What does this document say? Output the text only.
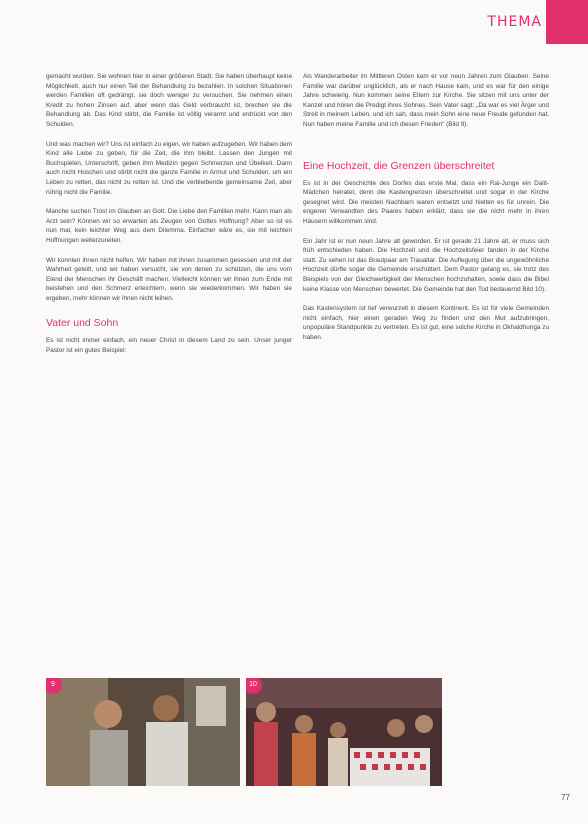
THEMA

gemacht wurden. Sie wohnen hier in einer größeren Stadt. Sie haben überhaupt keine Möglichkeit, auch nur einen Teil der Behandlung zu bezahlen. In solchen Situationen werden Familien oft gedrängt, sie doch weniger zu versuchen. Sie nehmen einen Kredit zu hohen Zinsen auf, aber wenn das Geld verbraucht ist, brechen sie die Behandlung ab. Das Kind stirbt, die Familie ist völlig verarmt und erdrückt von den Schulden.

Und was machen wir? Uns ist einfach zu eigen, wir haben aufzugeben. Wir haben dem Kind alle Liebe zu geben, für die Zeit, die ihm bleibt. Lassen den Jungen mit Buchspielen, Unterschrift, geben ihm Medizin gegen Schmerzen und Übelkeit. Dann auch nicht Hoschen und stirbt nicht die ganze Familie in Armut und Schulden, um ein Leben zu retten, das nicht zu retten ist. Und die verbleibende gemeinsame Zeit, aber rührig nicht die Familie.

Manche suchen Trost im Glauben an Gott. Die Liebe den Familien mehr. Kann man als Arzt sein? Können wir so erwarten als Zeugen von Gottes Hoffnung? Aber so ist es nun mal, kein leichter Weg aus dem Dilemma. Einfacher wäre es, sie mit leichten Hoffnungen weiterzureiten.

Wir konnten ihnen nicht helfen. Wir haben mit ihnen zusammen gesessen und mit der Wahrheit geteilt, und wir haben versucht, sie von denen zu schützen, die uns vom Elend der Menschen ihr Geschäft machen. Vielleicht können wir ihnen zum Ende mit beistehen und den Schmerz erleichtern, wenn sie wiederkommen. Wir haben sie ergeben, mehr können wir ihnen nicht leihen.

Vater und Sohn

Es ist nicht immer einfach, ein neuer Christ in diesem Land zu sein. Unser junger Pastor ist ein gutes Beispiel:

Als Wanderarbeiter im Mittleren Osten kam er vor neun Jahren zum Glauben. Seine Familie war darüber unglücklich, als er nach Hause kam, und es war für den einige Jahre schwierig. Nun kommen seine Eltern zur Kirche. Sie sitzen mit uns unter der Kanzel und hören die Predigt ihres Sohnes. Sein Vater sagt: „Da war es viel Ärger und Streit in meinem Leben, und ich sah, dass mein Sohn eine neue Freude gefunden hat. Nun haben meine Familie und ich diesen Frieden“ (Bild 9).

Eine Hochzeit, die Grenzen überschreitet

Es ist in der Geschichte des Dorfes das erste Mal, dass ein Rai-Junge ein Dalit-Mädchen heiratet, denn die Kastengrenzen überschreitet und sogar in der Kirche gesegnet wird. Die meisten Nachbarn waren entsetzt und hielten es für unrein. Die engeren Verwandten des Paares haben erklärt, dass sie die nicht mehr in ihren Häusern willkommen sind.

Ein Jahr ist er nun neun Jahre alt geworden. Er ist gerade 21 Jahre alt, er muss sich früh entschieden haben. Die Hochzeit und die Hochzeitsfeier fanden in der Kirche statt. Zu sehen ist das Brautpaar am Traualtar. Die Auflegung über die ungewöhnliche Hochzeit dürfte sogar die Gemeinde erschüttert. Dem Pastor gelang es, sie trotz des Beispiels von der Gleichwertigkeit der Menschen hochzuhalten, sowie dass die Bibel keine Klasse von Menschen bewertet. Die Gemeinde hat den Tod bedauernd Bild 10).

Das Kastensystem ist tief verwurzelt in diesem Kontinent. Es ist für viele Gemeinden nicht einfach, hier einen geraden Weg zu finden und den Mut aufzubringen, unpopuläre Standpunkte zu vertreten. Es ist gut, eine solche Kirche in Okhaldhunga zu haben.

9	10
77
